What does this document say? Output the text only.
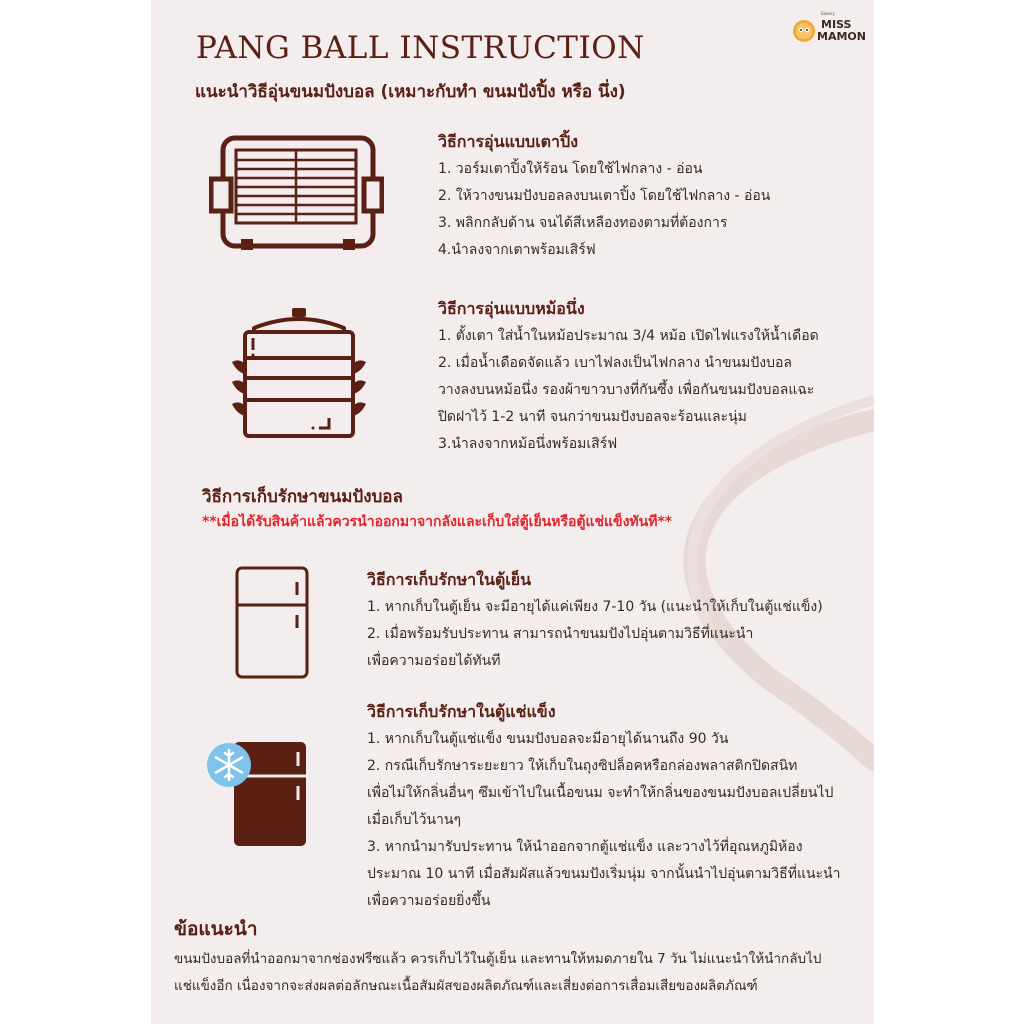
Bakery
MISS
MAMON
PANG BALL INSTRUCTION
แนะนำวิธีอุ่นขนมปังบอล (เหมาะกับทำ ขนมปังปิ้ง หรือ นึ่ง)
วิธีการอุ่นแบบเตาปิ้ง
1. วอร์มเตาปิ้งให้ร้อน โดยใช้ไฟกลาง - อ่อน
2. ให้วางขนมปังบอลลงบนเตาปิ้ง โดยใช้ไฟกลาง - อ่อน
3. พลิกกลับด้าน จนได้สีเหลืองทองตามที่ต้องการ
4.นำลงจากเตาพร้อมเสิร์ฟ
วิธีการอุ่นแบบหม้อนึ่ง
1. ตั้งเตา ใส่น้ำในหม้อประมาณ 3/4 หม้อ เปิดไฟแรงให้น้ำเดือด
2. เมื่อน้ำเดือดจัดแล้ว เบาไฟลงเป็นไฟกลาง นำขนมปังบอล
วางลงบนหม้อนึ่ง รองผ้าขาวบางที่กันซึ้ง เพื่อกันขนมปังบอลแฉะ
ปิดฝาไว้ 1-2 นาที จนกว่าขนมปังบอลจะร้อนและนุ่ม
3.นำลงจากหม้อนึ่งพร้อมเสิร์ฟ
วิธีการเก็บรักษาขนมปังบอล
**เมื่อได้รับสินค้าแล้วควรนำออกมาจากลังและเก็บใส่ตู้เย็นหรือตู้แช่แข็งทันที**
วิธีการเก็บรักษาในตู้เย็น
1. หากเก็บในตู้เย็น จะมีอายุได้แค่เพียง 7-10 วัน (แนะนำให้เก็บในตู้แช่แข็ง)
2. เมื่อพร้อมรับประทาน สามารถนำขนมปังไปอุ่นตามวิธีที่แนะนำ
เพื่อความอร่อยได้ทันที
วิธีการเก็บรักษาในตู้แช่แข็ง
1. หากเก็บในตู้แช่แข็ง ขนมปังบอลจะมีอายุได้นานถึง 90 วัน
2. กรณีเก็บรักษาระยะยาว ให้เก็บในถุงซิปล็อคหรือกล่องพลาสติกปิดสนิท
เพื่อไม่ให้กลิ่นอื่นๆ ซึมเข้าไปในเนื้อขนม จะทำให้กลิ่นของขนมปังบอลเปลี่ยนไป
เมื่อเก็บไว้นานๆ
3. หากนำมารับประทาน ให้นำออกจากตู้แช่แข็ง และวางไว้ที่อุณหภูมิห้อง
ประมาณ 10 นาที เมื่อสัมผัสแล้วขนมปังเริ่มนุ่ม จากนั้นนำไปอุ่นตามวิธีที่แนะนำ
เพื่อความอร่อยยิ่งขึ้น
ข้อแนะนำ
ขนมปังบอลที่นำออกมาจากช่องฟรีซแล้ว ควรเก็บไว้ในตู้เย็น และทานให้หมดภายใน 7 วัน ไม่แนะนำให้นำกลับไป
แช่แข็งอีก เนื่องจากจะส่งผลต่อลักษณะเนื้อสัมผัสของผลิตภัณฑ์และเสี่ยงต่อการเสื่อมเสียของผลิตภัณฑ์
